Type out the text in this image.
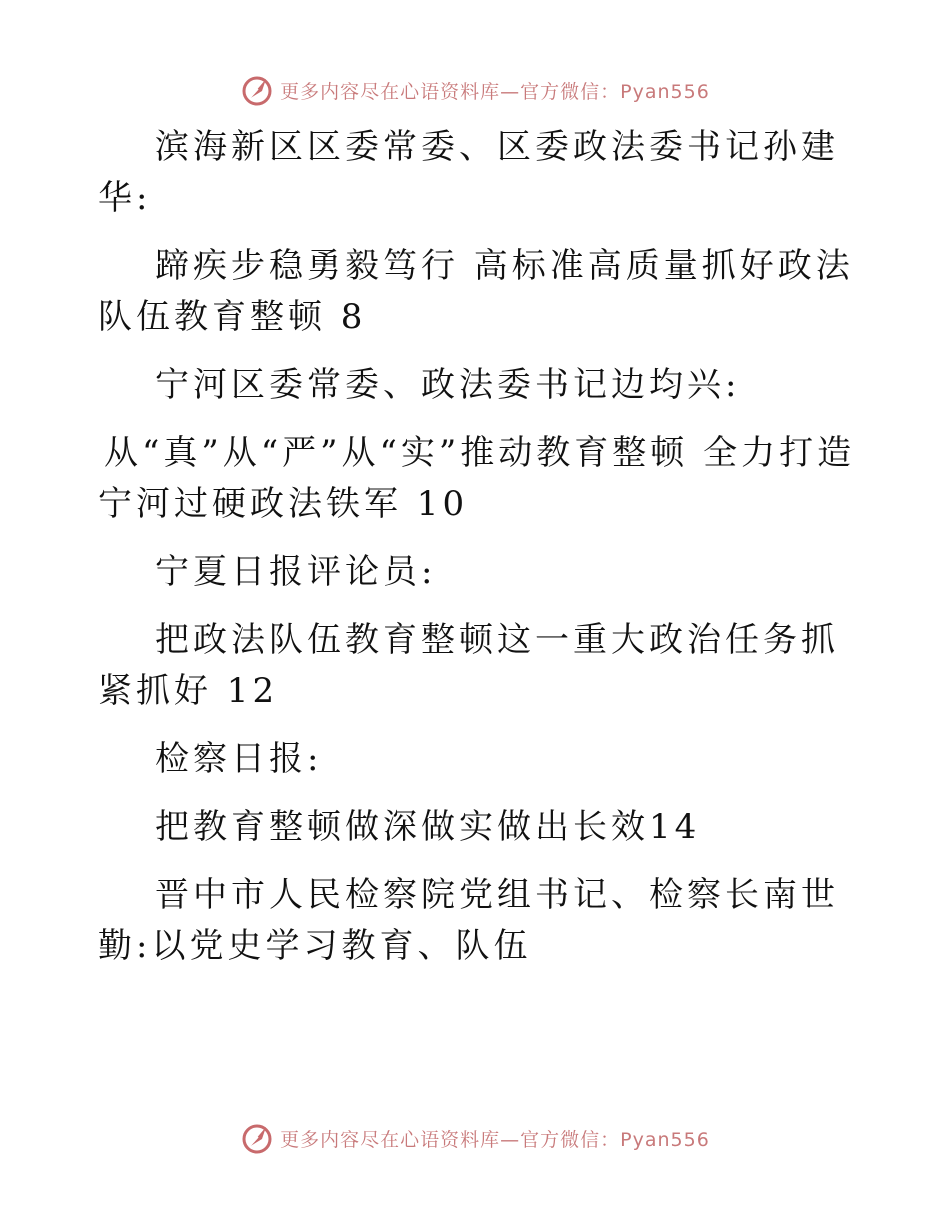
更多内容尽在心语资料库—官方微信：Pyan556

滨海新区区委常委、区委政法委书记孙建华:

蹄疾步稳勇毅笃行 高标准高质量抓好政法队伍教育整顿 8

宁河区委常委、政法委书记边均兴:

从“真”从“严”从“实”推动教育整顿 全力打造宁河过硬政法铁军 10

宁夏日报评论员:

把政法队伍教育整顿这一重大政治任务抓紧抓好 12

检察日报:

把教育整顿做深做实做出长效14

晋中市人民检察院党组书记、检察长南世勤:以党史学习教育、队伍

更多内容尽在心语资料库—官方微信：Pyan556
